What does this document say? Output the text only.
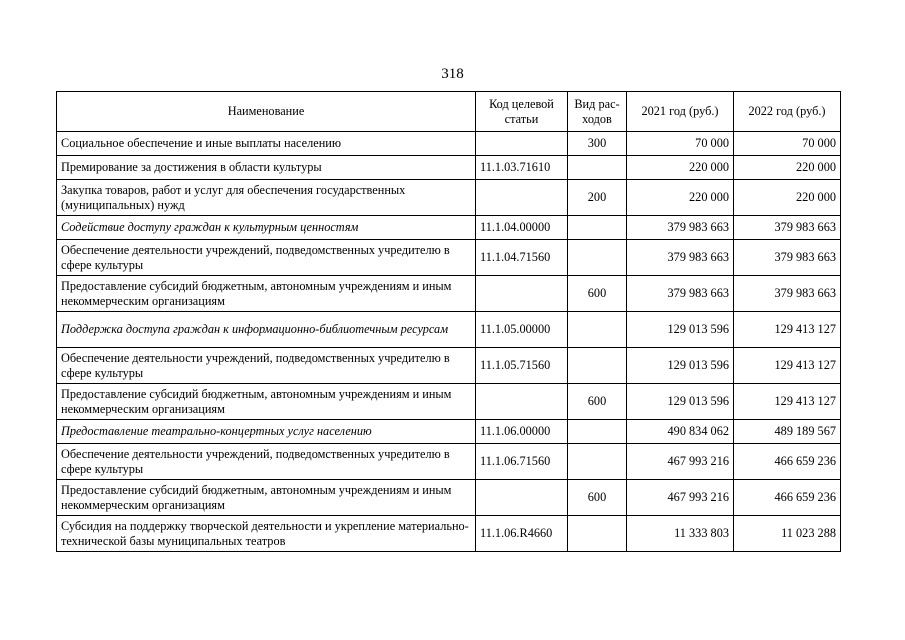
318
Наименование	Код целевой статьи	Вид рас-ходов	2021 год (руб.)	2022 год (руб.)
Социальное обеспечение и иные выплаты населению		300	70 000	70 000
Премирование за достижения в области культуры	11.1.03.71610		220 000	220 000
Закупка товаров, работ и услуг для обеспечения государственных (муниципальных) нужд		200	220 000	220 000
Содействие доступу граждан к культурным ценностям	11.1.04.00000		379 983 663	379 983 663
Обеспечение деятельности учреждений, подведомственных учредителю в сфере культуры	11.1.04.71560		379 983 663	379 983 663
Предоставление субсидий бюджетным, автономным учреждениям и иным некоммерческим организациям		600	379 983 663	379 983 663
Поддержка доступа граждан к информационно-библиотечным ресурсам	11.1.05.00000		129 013 596	129 413 127
Обеспечение деятельности учреждений, подведомственных учредителю в сфере культуры	11.1.05.71560		129 013 596	129 413 127
Предоставление субсидий бюджетным, автономным учреждениям и иным некоммерческим организациям		600	129 013 596	129 413 127
Предоставление театрально-концертных услуг населению	11.1.06.00000		490 834 062	489 189 567
Обеспечение деятельности учреждений, подведомственных учредителю в сфере культуры	11.1.06.71560		467 993 216	466 659 236
Предоставление субсидий бюджетным, автономным учреждениям и иным некоммерческим организациям		600	467 993 216	466 659 236
Субсидия на поддержку творческой деятельности и укрепление материально-технической базы муниципальных театров	11.1.06.R4660		11 333 803	11 023 288
